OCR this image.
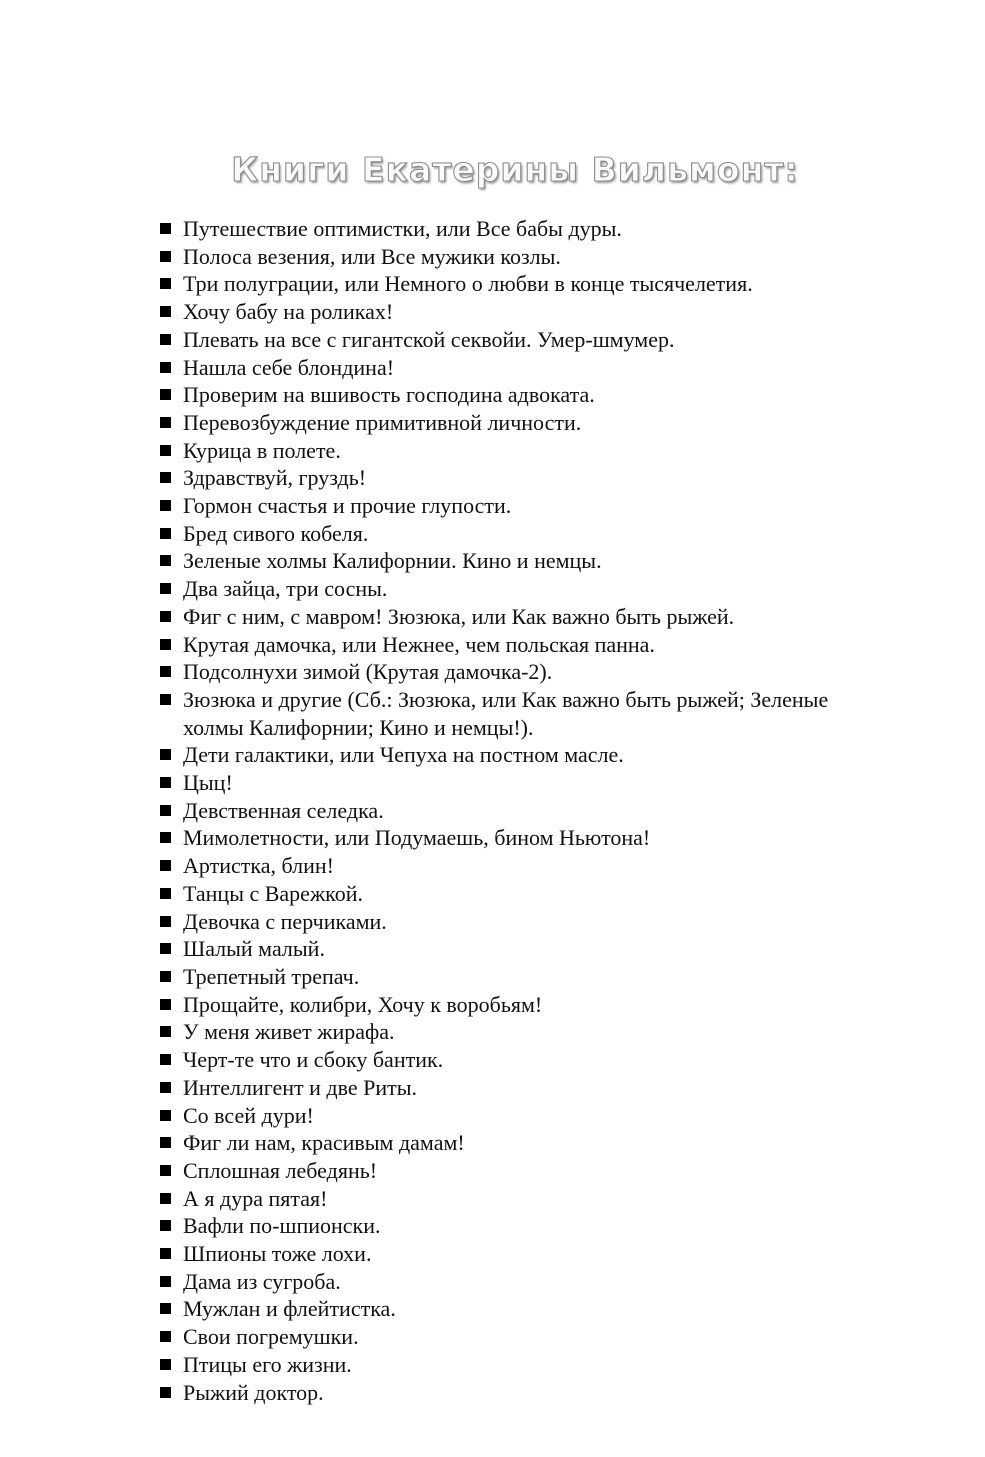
Книги Екатерины Вильмонт:
Путешествие оптимистки, или Все бабы дуры.
Полоса везения, или Все мужики козлы.
Три полуграции, или Немного о любви в конце тысячелетия.
Хочу бабу на роликах!
Плевать на все с гигантской секвойи. Умер-шмумер.
Нашла себе блондина!
Проверим на вшивость господина адвоката.
Перевозбуждение примитивной личности.
Курица в полете.
Здравствуй, груздь!
Гормон счастья и прочие глупости.
Бред сивого кобеля.
Зеленые холмы Калифорнии. Кино и немцы.
Два зайца, три сосны.
Фиг с ним, с мавром! Зюзюка, или Как важно быть рыжей.
Крутая дамочка, или Нежнее, чем польская панна.
Подсолнухи зимой (Крутая дамочка-2).
Зюзюка и другие (Сб.: Зюзюка, или Как важно быть рыжей; Зеленые холмы Калифорнии; Кино и немцы!).
Дети галактики, или Чепуха на постном масле.
Цыц!
Девственная селедка.
Мимолетности, или Подумаешь, бином Ньютона!
Артистка, блин!
Танцы с Варежкой.
Девочка с перчиками.
Шалый малый.
Трепетный трепач.
Прощайте, колибри, Хочу к воробьям!
У меня живет жирафа.
Черт-те что и сбоку бантик.
Интеллигент и две Риты.
Со всей дури!
Фиг ли нам, красивым дамам!
Сплошная лебедянь!
А я дура пятая!
Вафли по-шпионски.
Шпионы тоже лохи.
Дама из сугроба.
Мужлан и флейтистка.
Свои погремушки.
Птицы его жизни.
Рыжий доктор.
